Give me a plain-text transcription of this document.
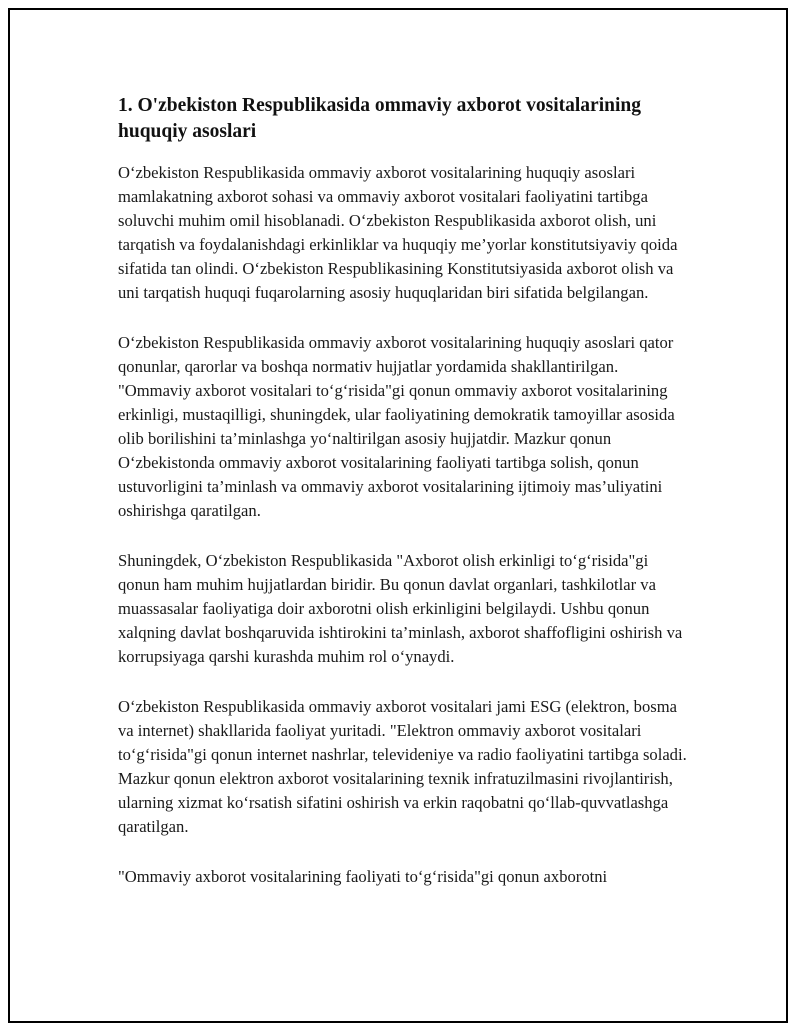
1. O'zbekiston Respublikasida ommaviy axborot vositalarining huquqiy asoslari

O‘zbekiston Respublikasida ommaviy axborot vositalarining huquqiy asoslari mamlakatning axborot sohasi va ommaviy axborot vositalari faoliyatini tartibga soluvchi muhim omil hisoblanadi. O‘zbekiston Respublikasida axborot olish, uni tarqatish va foydalanishdagi erkinliklar va huquqiy me’yorlar konstitutsiyaviy qoida sifatida tan olindi. O‘zbekiston Respublikasining Konstitutsiyasida axborot olish va uni tarqatish huquqi fuqarolarning asosiy huquqlaridan biri sifatida belgilangan.

O‘zbekiston Respublikasida ommaviy axborot vositalarining huquqiy asoslari qator qonunlar, qarorlar va boshqa normativ hujjatlar yordamida shakllantirilgan. "Ommaviy axborot vositalari to‘g‘risida"gi qonun ommaviy axborot vositalarining erkinligi, mustaqilligi, shuningdek, ular faoliyatining demokratik tamoyillar asosida olib borilishini ta’minlashga yo‘naltirilgan asosiy hujjatdir. Mazkur qonun O‘zbekistonda ommaviy axborot vositalarining faoliyati tartibga solish, qonun ustuvorligini ta’minlash va ommaviy axborot vositalarining ijtimoiy mas’uliyatini oshirishga qaratilgan.

Shuningdek, O‘zbekiston Respublikasida "Axborot olish erkinligi to‘g‘risida"gi qonun ham muhim hujjatlardan biridir. Bu qonun davlat organlari, tashkilotlar va muassasalar faoliyatiga doir axborotni olish erkinligini belgilaydi. Ushbu qonun xalqning davlat boshqaruvida ishtirokini ta’minlash, axborot shaffofligini oshirish va korrupsiyaga qarshi kurashda muhim rol o‘ynaydi.

O‘zbekiston Respublikasida ommaviy axborot vositalari jami ESG (elektron, bosma va internet) shakllarida faoliyat yuritadi. "Elektron ommaviy axborot vositalari to‘g‘risida"gi qonun internet nashrlar, televideniye va radio faoliyatini tartibga soladi. Mazkur qonun elektron axborot vositalarining texnik infratuzilmasini rivojlantirish, ularning xizmat ko‘rsatish sifatini oshirish va erkin raqobatni qo‘llab-quvvatlashga qaratilgan.

"Ommaviy axborot vositalarining faoliyati to‘g‘risida"gi qonun axborotni
